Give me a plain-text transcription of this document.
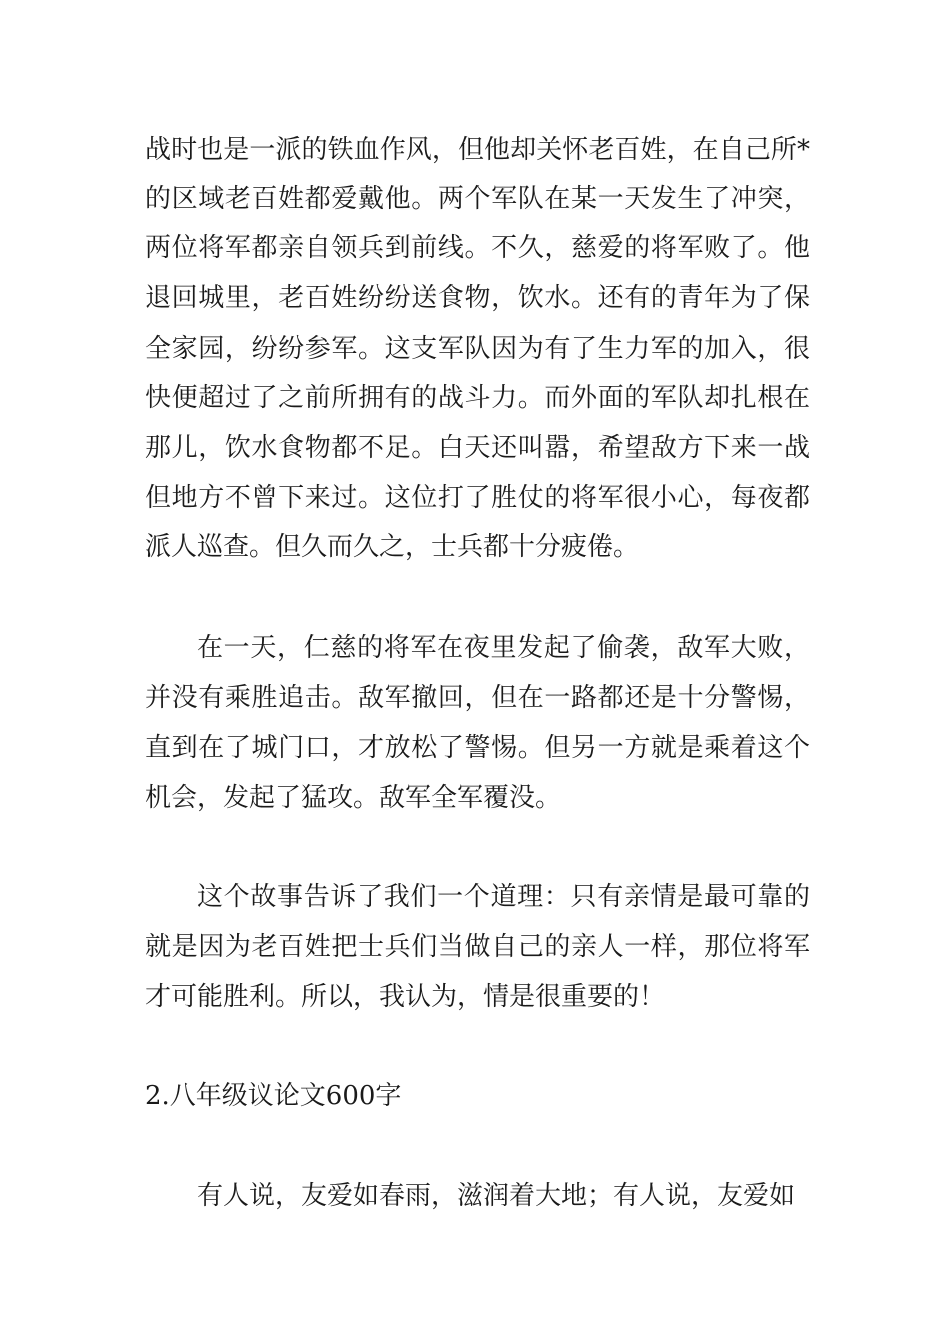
战时也是一派的铁血作风，但他却关怀老百姓，在自己所*
的区域老百姓都爱戴他。两个军队在某一天发生了冲突，
两位将军都亲自领兵到前线。不久，慈爱的将军败了。他
退回城里，老百姓纷纷送食物，饮水。还有的青年为了保
全家园，纷纷参军。这支军队因为有了生力军的加入，很
快便超过了之前所拥有的战斗力。而外面的军队却扎根在
那儿，饮水食物都不足。白天还叫嚣，希望敌方下来一战
但地方不曾下来过。这位打了胜仗的将军很小心，每夜都
派人巡查。但久而久之，士兵都十分疲倦。
在一天，仁慈的将军在夜里发起了偷袭，敌军大败，
并没有乘胜追击。敌军撤回，但在一路都还是十分警惕，
直到在了城门口，才放松了警惕。但另一方就是乘着这个
机会，发起了猛攻。敌军全军覆没。
这个故事告诉了我们一个道理：只有亲情是最可靠的
就是因为老百姓把士兵们当做自己的亲人一样，那位将军
才可能胜利。所以，我认为，情是很重要的！
2.八年级议论文600字
有人说，友爱如春雨，滋润着大地；有人说，友爱如
